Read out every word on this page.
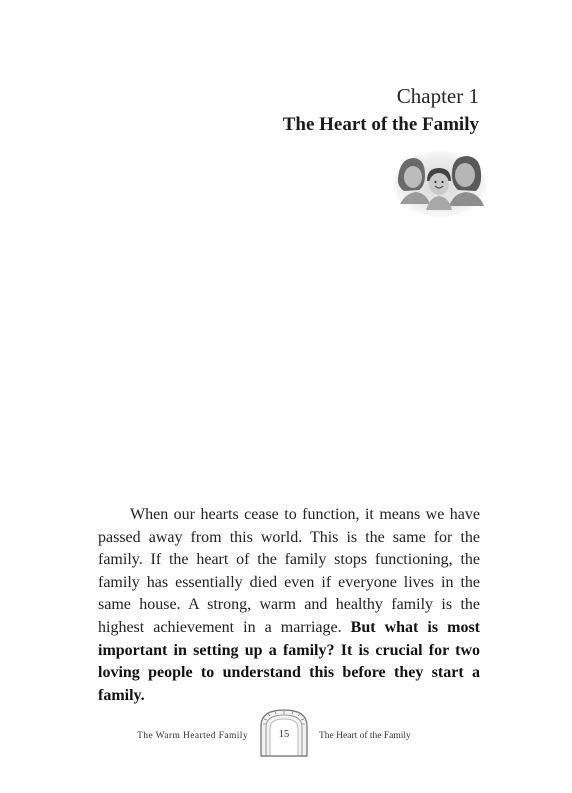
Chapter 1
The Heart of the Family

When our hearts cease to function, it means we have passed away from this world. This is the same for the family. If the heart of the family stops functioning, the family has essentially died even if everyone lives in the same house. A strong, warm and healthy family is the highest achievement in a marriage. But what is most important in setting up a family? It is crucial for two loving people to understand this before they start a family.

The Warm Hearted Family	15	The Heart of the Family
